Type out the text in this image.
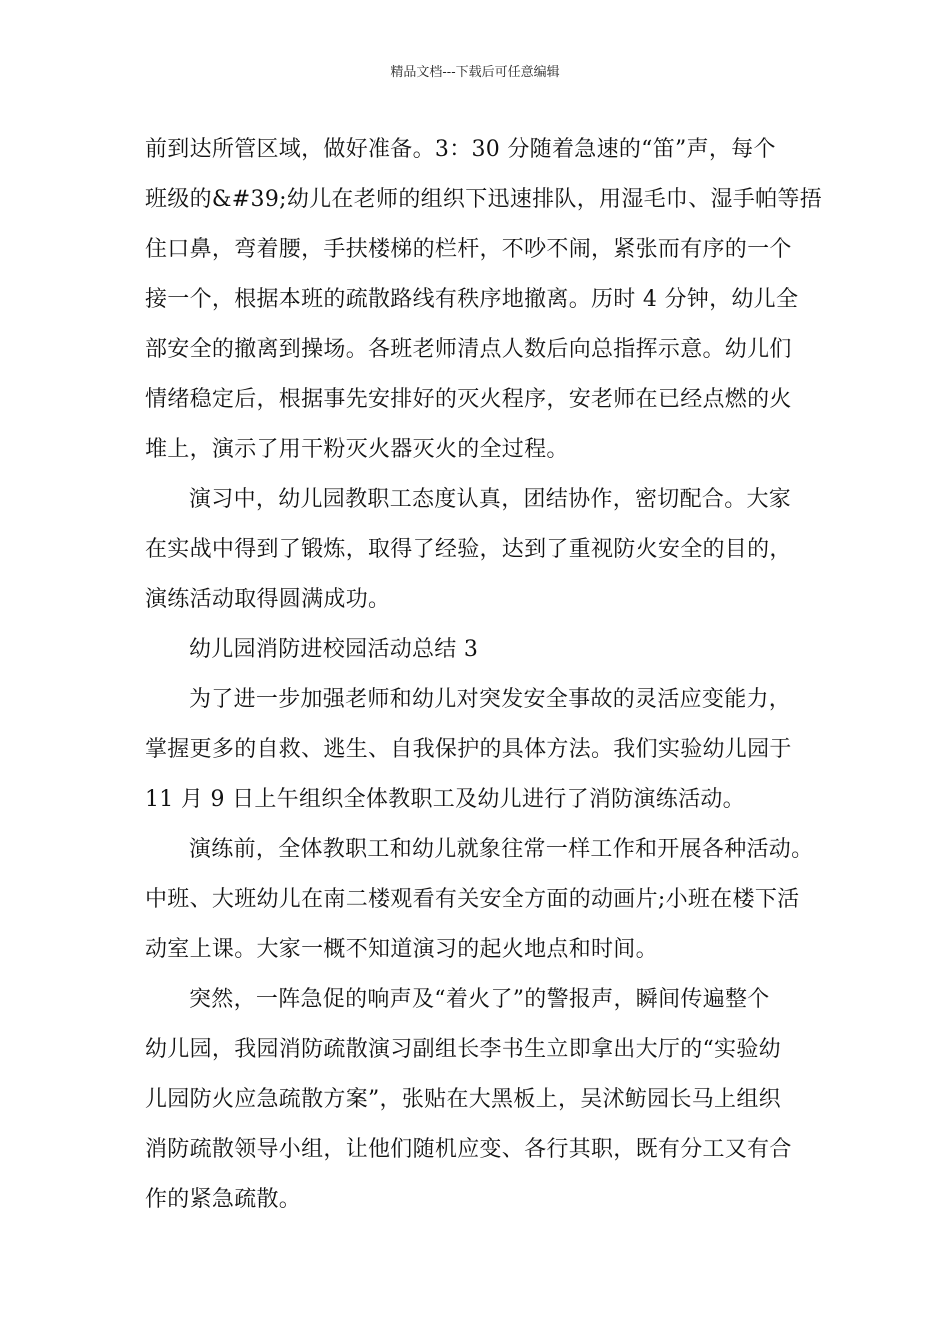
精品文档---下载后可任意编辑
前到达所管区域，做好准备。3：30 分随着急速的“笛”声，每个
班级的&#39;幼儿在老师的组织下迅速排队，用湿毛巾、湿手帕等捂
住口鼻，弯着腰，手扶楼梯的栏杆，不吵不闹，紧张而有序的一个
接一个，根据本班的疏散路线有秩序地撤离。历时 4 分钟，幼儿全
部安全的撤离到操场。各班老师清点人数后向总指挥示意。幼儿们
情绪稳定后，根据事先安排好的灭火程序，安老师在已经点燃的火
堆上，演示了用干粉灭火器灭火的全过程。
演习中，幼儿园教职工态度认真，团结协作，密切配合。大家
在实战中得到了锻炼，取得了经验，达到了重视防火安全的目的，
演练活动取得圆满成功。
幼儿园消防进校园活动总结 3
为了进一步加强老师和幼儿对突发安全事故的灵活应变能力，
掌握更多的自救、逃生、自我保护的具体方法。我们实验幼儿园于
11 月 9 日上午组织全体教职工及幼儿进行了消防演练活动。
演练前，全体教职工和幼儿就象往常一样工作和开展各种活动。
中班、大班幼儿在南二楼观看有关安全方面的动画片;小班在楼下活
动室上课。大家一概不知道演习的起火地点和时间。
突然，一阵急促的响声及“着火了”的警报声，瞬间传遍整个
幼儿园，我园消防疏散演习副组长李书生立即拿出大厅的“实验幼
儿园防火应急疏散方案”，张贴在大黑板上，吴沭鲂园长马上组织
消防疏散领导小组，让他们随机应变、各行其职，既有分工又有合
作的紧急疏散。
